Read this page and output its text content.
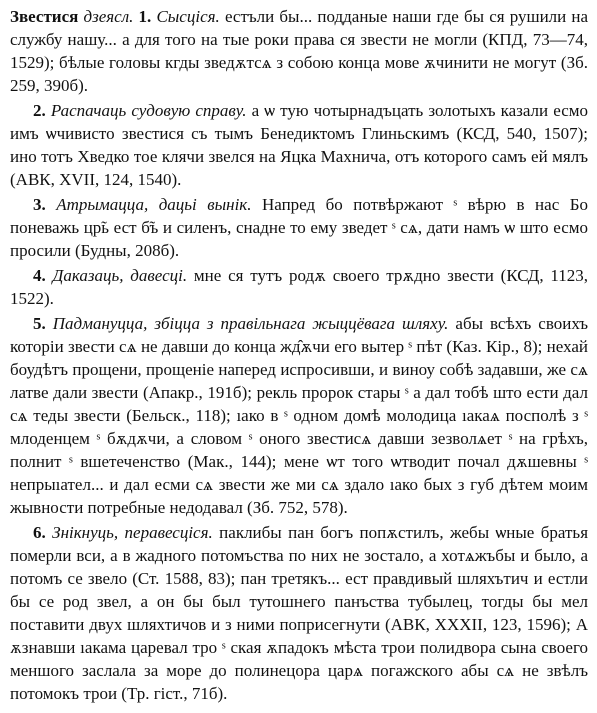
Звестися дзеясл. 1. Сысціся. естъли бы... подданые наши где бы ся рушили на службу нашу... а для того на тые роки права ся звести не могли (КПД, 73—74, 1529); бѣлые головы кгды зведѫтсѧ з собою конца мове ѫчинити не могут (Зб. 259, 390б).

2. Распачаць судовую справу. а ѡ тую чотырнадъцать золотыхъ казали есмо имъ ѡчивисто звестися съ тымъ Бенедиктомъ Глиньскимъ (КСД, 540, 1507); ино тотъ Хведко тое клячи звелся на Яцка Махнича, отъ которого самъ ей мялъ (АВК, XVII, 124, 1540).

3. Атрымацца, дацьі вынік. Напред бо потвѣржают ˢ вѣрю в нас Бо поневажь цр̃ь ест б̃ъ и силенъ, снадне то ему зведет ˢ сѧ, дати намъ ѡ што есмо просили (Будны, 208б).

4. Даказаць, давесці. мне ся тутъ родѫ своего трѫдно звести (КСД, 1123, 1522).

5. Падмануцца, збіцца з правільнага жыццёвага шляху. абы всѣхъ своихъ которіи звести сѧ не давши до конца жд̂ѫчи его вытер ˢ пѣт (Каз. Кір., 8); нехай боудѣтъ прощени, прощеніе наперед испросивши, и виноу собѣ задавши, же сѧ латве дали звести (Апакр., 191б); рекль пророк стары ˢ а дал тобѣ што ести дал сѧ теды звести (Бельск., 118); ıако в ˢ одном домѣ молодица ıакаѧ посполѣ з ˢ млоденцем ˢ бѫдѫчи, а словом ˢ оного звестисѧ давши зезволѧет ˢ на грѣхъ, полнит ˢ вшетеченство (Мак., 144); мене ѡт того ѡтводит почал дѫшевны ˢ непрыıател... и дал есми сѧ звести же ми сѧ здало ıако бых з губ дѣтем моим жывности потребные недодавал (Зб. 752, 578).

6. Знікнуць, перавесціся. паклибы пан богъ попѫстилъ, жебы ѡные братья померли вси, а в жадного потомъства по них не зостало, а хотѧжъбы и было, а потомъ се звело (Ст. 1588, 83); пан третякъ... ест правдивый шляхътич и естли бы се род звел, а он бы был тутошнего панъства тубылец, тогды бы мел поставити двух шляхтичов и з ними поприсегнути (АВК, XXXII, 123, 1596); А ѫзнавши ıакама царевал тро ˢ ская ѫпадокъ мѣста трои полидвора сына своего меншого заслала за море до полинецора царѧ погажского абы сѧ не звѣлъ потомокъ трои (Тр. гіст., 71б).
